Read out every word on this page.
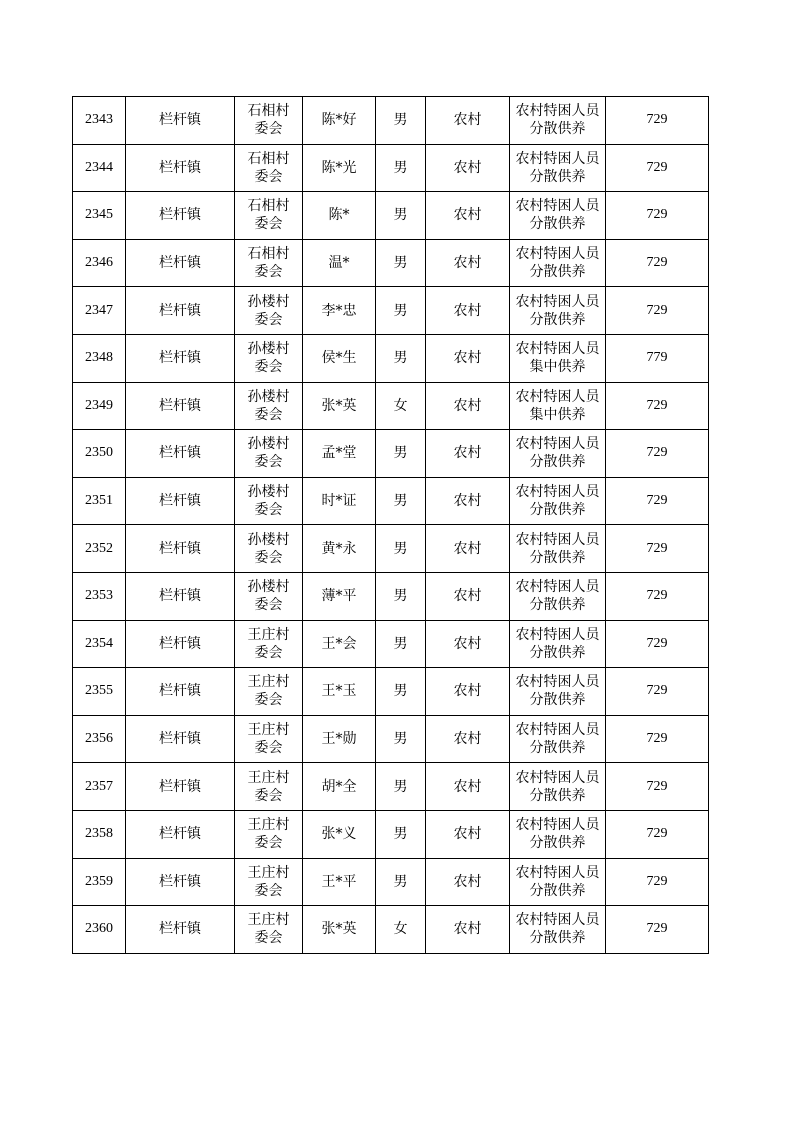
2343	栏杆镇	石相村委会	陈*好	男	农村	农村特困人员分散供养	729
2344	栏杆镇	石相村委会	陈*光	男	农村	农村特困人员分散供养	729
2345	栏杆镇	石相村委会	陈*	男	农村	农村特困人员分散供养	729
2346	栏杆镇	石相村委会	温*	男	农村	农村特困人员分散供养	729
2347	栏杆镇	孙楼村委会	李*忠	男	农村	农村特困人员分散供养	729
2348	栏杆镇	孙楼村委会	侯*生	男	农村	农村特困人员集中供养	779
2349	栏杆镇	孙楼村委会	张*英	女	农村	农村特困人员集中供养	729
2350	栏杆镇	孙楼村委会	孟*堂	男	农村	农村特困人员分散供养	729
2351	栏杆镇	孙楼村委会	时*证	男	农村	农村特困人员分散供养	729
2352	栏杆镇	孙楼村委会	黄*永	男	农村	农村特困人员分散供养	729
2353	栏杆镇	孙楼村委会	薄*平	男	农村	农村特困人员分散供养	729
2354	栏杆镇	王庄村委会	王*会	男	农村	农村特困人员分散供养	729
2355	栏杆镇	王庄村委会	王*玉	男	农村	农村特困人员分散供养	729
2356	栏杆镇	王庄村委会	王*勋	男	农村	农村特困人员分散供养	729
2357	栏杆镇	王庄村委会	胡*全	男	农村	农村特困人员分散供养	729
2358	栏杆镇	王庄村委会	张*义	男	农村	农村特困人员分散供养	729
2359	栏杆镇	王庄村委会	王*平	男	农村	农村特困人员分散供养	729
2360	栏杆镇	王庄村委会	张*英	女	农村	农村特困人员分散供养	729
